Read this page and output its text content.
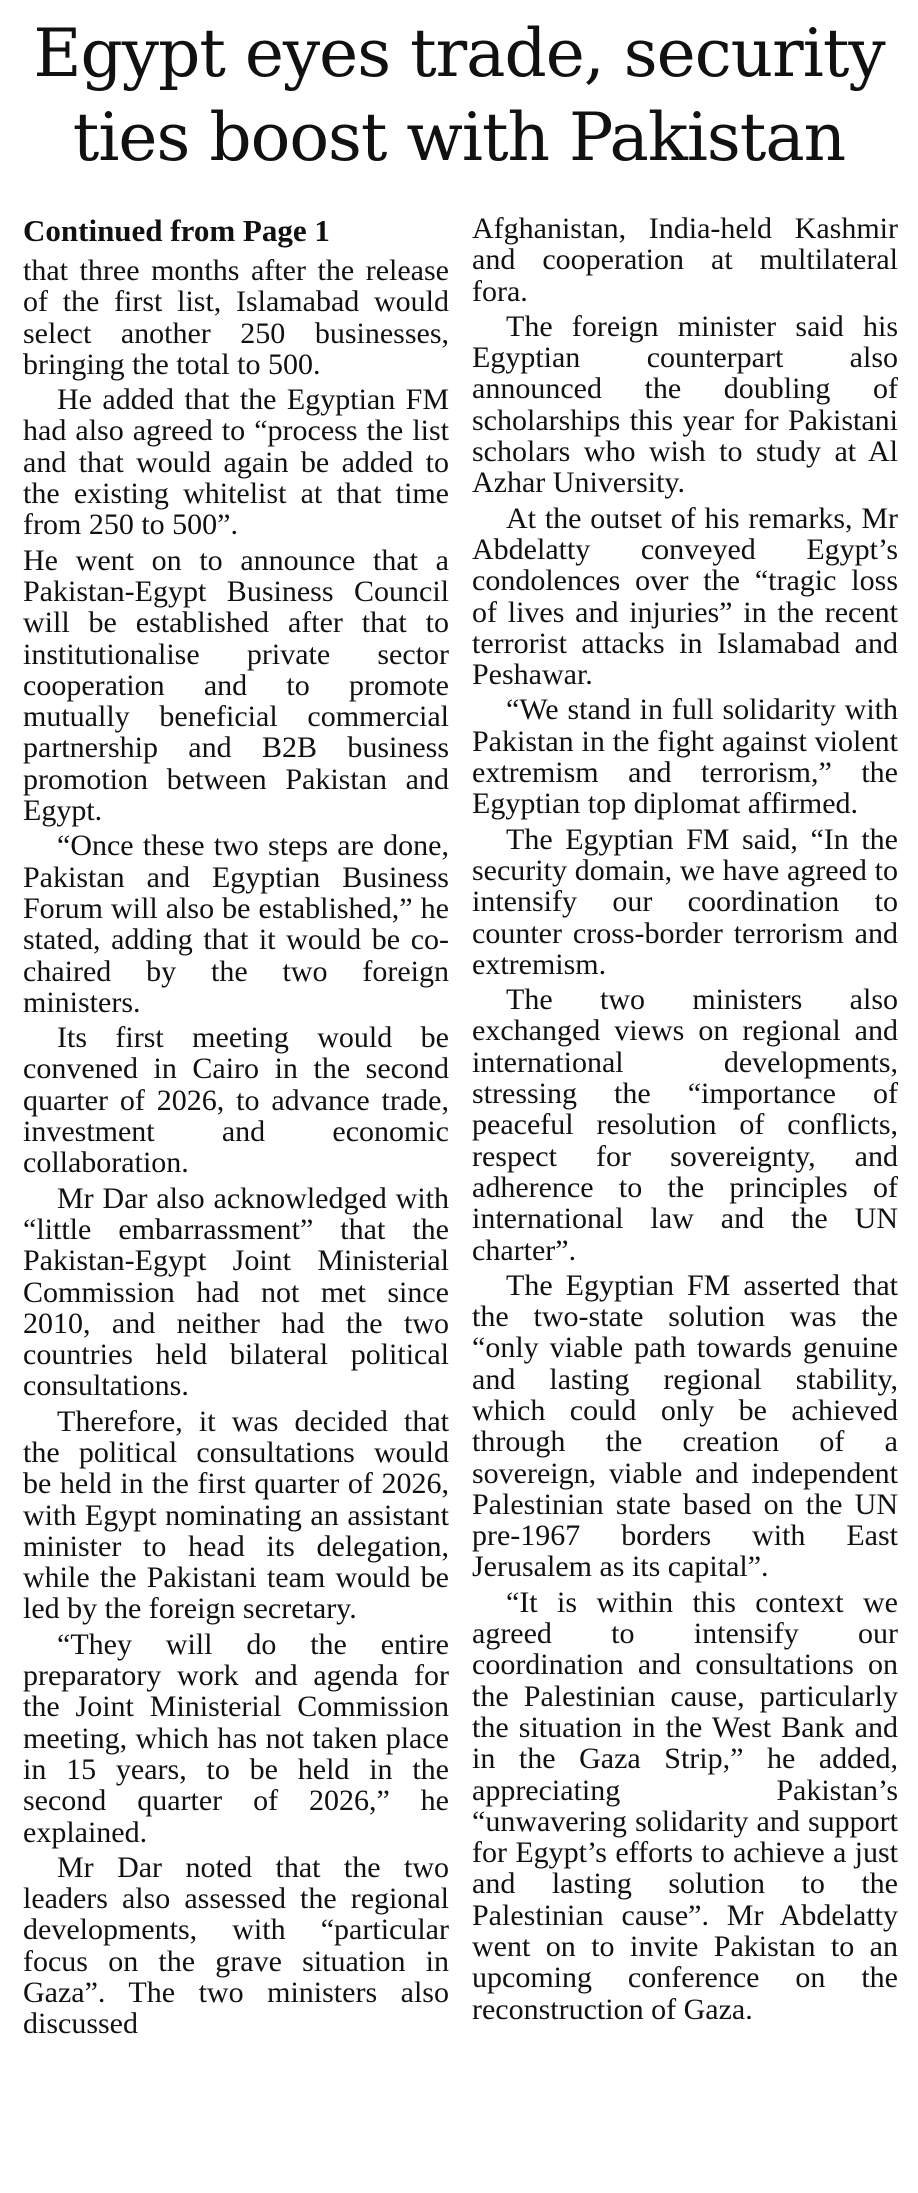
Egypt eyes trade, security
ties boost with Pakistan
Continued from Page 1

that three months after the release of the first list, Islamabad would select another 250 businesses, bringing the total to 500.

He added that the Egyptian FM had also agreed to “process the list and that would again be added to the existing whitelist at that time from 250 to 500”.

He went on to announce that a Pakistan-Egypt Business Council will be established after that to institutionalise private sector cooperation and to promote mutually beneficial commercial partnership and B2B business promotion between Pakistan and Egypt.

“Once these two steps are done, Pakistan and Egyptian Business Forum will also be established,” he stated, adding that it would be co-chaired by the two foreign ministers.

Its first meeting would be convened in Cairo in the second quarter of 2026, to advance trade, investment and economic collaboration.

Mr Dar also acknowledged with “little embarrassment” that the Pakistan-Egypt Joint Ministerial Commission had not met since 2010, and neither had the two countries held bilateral political consultations.

Therefore, it was decided that the political consultations would be held in the first quarter of 2026, with Egypt nominating an assistant minister to head its delegation, while the Pakistani team would be led by the foreign secretary.

“They will do the entire preparatory work and agenda for the Joint Ministerial Commission meeting, which has not taken place in 15 years, to be held in the second quarter of 2026,” he explained.

Mr Dar noted that the two leaders also assessed the regional developments, with “particular focus on the grave situation in Gaza”. The two ministers also discussed

Afghanistan, India-held Kashmir and cooperation at multilateral fora.

The foreign minister said his Egyptian counterpart also announced the doubling of scholarships this year for Pakistani scholars who wish to study at Al Azhar University.

At the outset of his remarks, Mr Abdelatty conveyed Egypt’s condolences over the “tragic loss of lives and injuries” in the recent terrorist attacks in Islamabad and Peshawar.

“We stand in full solidarity with Pakistan in the fight against violent extremism and terrorism,” the Egyptian top diplomat affirmed.

The Egyptian FM said, “In the security domain, we have agreed to intensify our coordination to counter cross-border terrorism and extremism.

The two ministers also exchanged views on regional and international developments, stressing the “importance of peaceful resolution of conflicts, respect for sovereignty, and adherence to the principles of international law and the UN charter”.

The Egyptian FM asserted that the two-state solution was the “only viable path towards genuine and lasting regional stability, which could only be achieved through the creation of a sovereign, viable and independent Palestinian state based on the UN pre-1967 borders with East Jerusalem as its capital”.

“It is within this context we agreed to intensify our coordination and consultations on the Palestinian cause, particularly the situation in the West Bank and in the Gaza Strip,” he added, appreciating Pakistan’s “unwavering solidarity and support for Egypt’s efforts to achieve a just and lasting solution to the Palestinian cause”. Mr Abdelatty went on to invite Pakistan to an upcoming conference on the reconstruction of Gaza.
